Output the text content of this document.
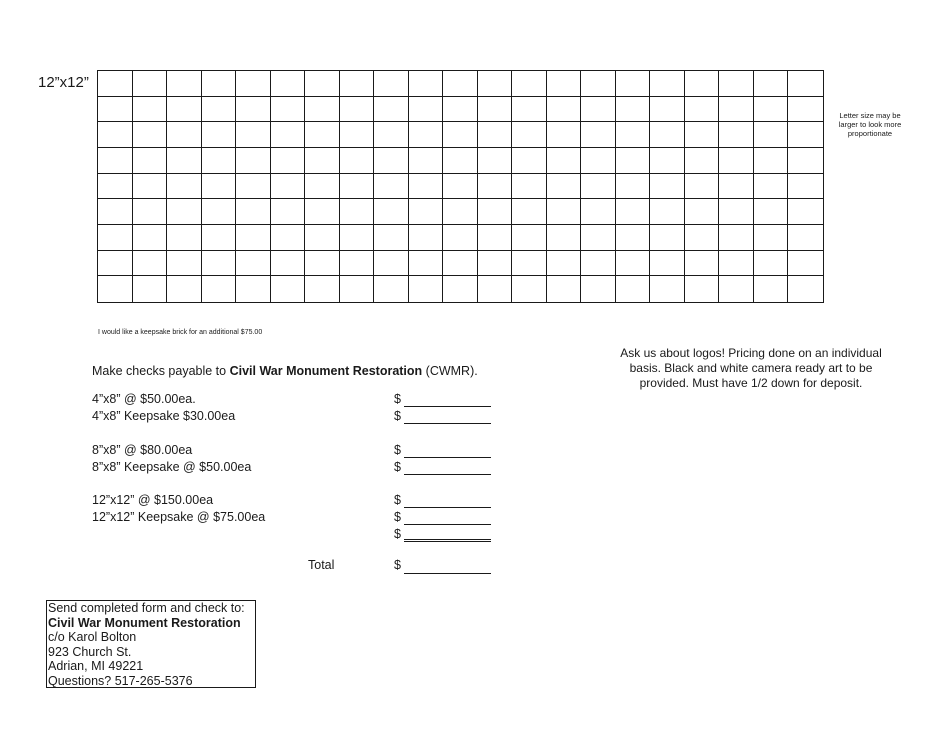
12”x12”
Letter size may be larger to look more proportionate
I would like a keepsake brick for an additional $75.00
Ask us about logos! Pricing done on an individual basis. Black and white camera ready art to be provided. Must have 1/2 down for deposit.
Make checks payable to Civil War Monument Restoration (CWMR).
4”x8” @ $50.00ea.	$
4”x8” Keepsake $30.00ea	$
8”x8” @ $80.00ea	$
8”x8” Keepsake @ $50.00ea	$
12”x12” @ $150.00ea	$
12”x12” Keepsake @ $75.00ea	$
$
Total	$
Send completed form and check to:
Civil War Monument Restoration
c/o Karol Bolton
923 Church St.
Adrian, MI 49221
Questions? 517-265-5376
